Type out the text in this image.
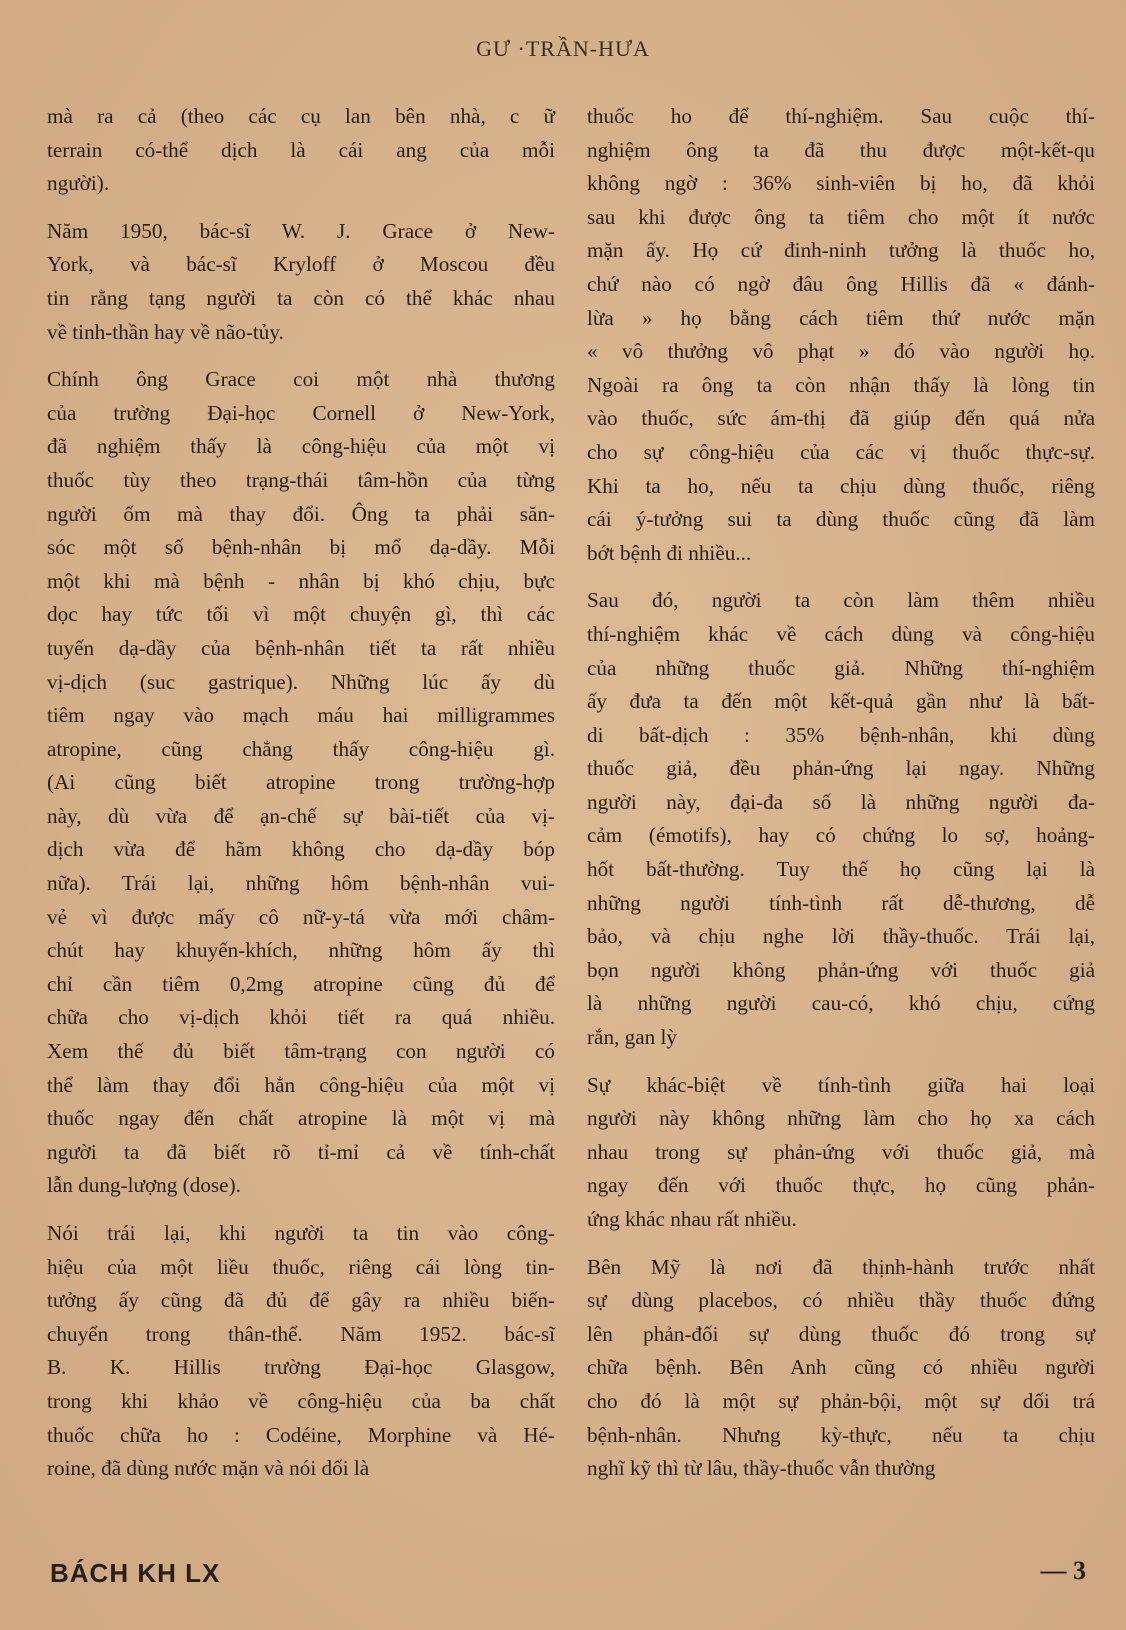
GƯ ·TRẦN-HƯA

mà ra cả (theo các cụ lan bên nhà, c ữ
terrain có-thể dịch là cái ang của mỗi
người).

Năm 1950, bác-sĩ W. J. Grace ở New-
York, và bác-sĩ Kryloff ở Moscou đều
tin rằng tạng người ta còn có thể khác nhau
về tinh-thần hay về não-tủy.

Chính ông Grace coi một nhà thương
của trường Đại-học Cornell ở New-York,
đã nghiệm thấy là công-hiệu của một vị
thuốc tùy theo trạng-thái tâm-hồn của từng
người ốm mà thay đổi. Ông ta phải săn-
sóc một số bệnh-nhân bị mổ dạ-dầy. Mỗi
một khi mà bệnh - nhân bị khó chịu, bực
dọc hay tức tối vì một chuyện gì, thì các
tuyến dạ-dầy của bệnh-nhân tiết ta rất nhiều
vị-dịch (suc gastrique). Những lúc ấy dù
tiêm ngay vào mạch máu hai milligrammes
atropine, cũng chẳng thấy công-hiệu gì.
(Ai cũng biết atropine trong trường-hợp
này, dù vừa để ạn-chế sự bài-tiết của vị-
dịch vừa để hãm không cho dạ-dầy bóp
nữa). Trái lại, những hôm bệnh-nhân vui-
vẻ vì được mấy cô nữ-y-tá vừa mới châm-
chút hay khuyến-khích, những hôm ấy thì
chỉ cần tiêm 0,2mg atropine cũng đủ để
chữa cho vị-dịch khỏi tiết ra quá nhiều.
Xem thế đủ biết tâm-trạng con người có
thể làm thay đổi hẳn công-hiệu của một vị
thuốc ngay đến chất atropine là một vị mà
người ta đã biết rõ tỉ-mỉ cả về tính-chất
lẫn dung-lượng (dose).

Nói trái lại, khi người ta tin vào công-
hiệu của một liều thuốc, riêng cái lòng tin-
tưởng ấy cũng đã đủ để gây ra nhiều biến-
chuyển trong thân-thể. Năm 1952. bác-sĩ
B. K. Hillis trường Đại-học Glasgow,
trong khi khảo về công-hiệu của ba chất
thuốc chữa ho : Codéine, Morphine và Hé-
roine, đã dùng nước mặn và nói dối là

thuốc ho để thí-nghiệm. Sau cuộc thí-
nghiệm ông ta đã thu được một-kết-qu
không ngờ : 36% sinh-viên bị ho, đã khỏi
sau khi được ông ta tiêm cho một ít nước
mặn ấy. Họ cứ đinh-ninh tưởng là thuốc ho,
chứ nào có ngờ đâu ông Hillis đã « đánh-
lừa » họ bằng cách tiêm thứ nước mặn
« vô thưởng vô phạt » đó vào người họ.
Ngoài ra ông ta còn nhận thấy là lòng tin
vào thuốc, sức ám-thị đã giúp đến quá nửa
cho sự công-hiệu của các vị thuốc thực-sự.
Khi ta ho, nếu ta chịu dùng thuốc, riêng
cái ý-tưởng sui ta dùng thuốc cũng đã làm
bớt bệnh đi nhiều...

Sau đó, người ta còn làm thêm nhiều
thí-nghiệm khác về cách dùng và công-hiệu
của những thuốc giả. Những thí-nghiệm
ấy đưa ta đến một kết-quả gần như là bất-
di bất-dịch : 35% bệnh-nhân, khi dùng
thuốc giả, đều phản-ứng lại ngay. Những
người này, đại-đa số là những người đa-
cảm (émotifs), hay có chứng lo sợ, hoảng-
hốt bất-thường. Tuy thế họ cũng lại là
những người tính-tình rất dễ-thương, dễ
bảo, và chịu nghe lời thầy-thuốc. Trái lại,
bọn người không phản-ứng với thuốc giả
là những người cau-có, khó chịu, cứng
rắn, gan lỳ

Sự khác-biệt về tính-tình giữa hai loại
người này không những làm cho họ xa cách
nhau trong sự phản-ứng với thuốc giả, mà
ngay đến với thuốc thực, họ cũng phản-
ứng khác nhau rất nhiều.

Bên Mỹ là nơi đã thịnh-hành trước nhất
sự dùng placebos, có nhiều thầy thuốc đứng
lên phản-đối sự dùng thuốc đó trong sự
chữa bệnh. Bên Anh cũng có nhiều người
cho đó là một sự phản-bội, một sự dối trá
bệnh-nhân. Nhưng kỳ-thực, nếu ta chịu
nghĩ kỹ thì từ lâu, thầy-thuốc vẫn thường

BÁCH KH LX	— 3
